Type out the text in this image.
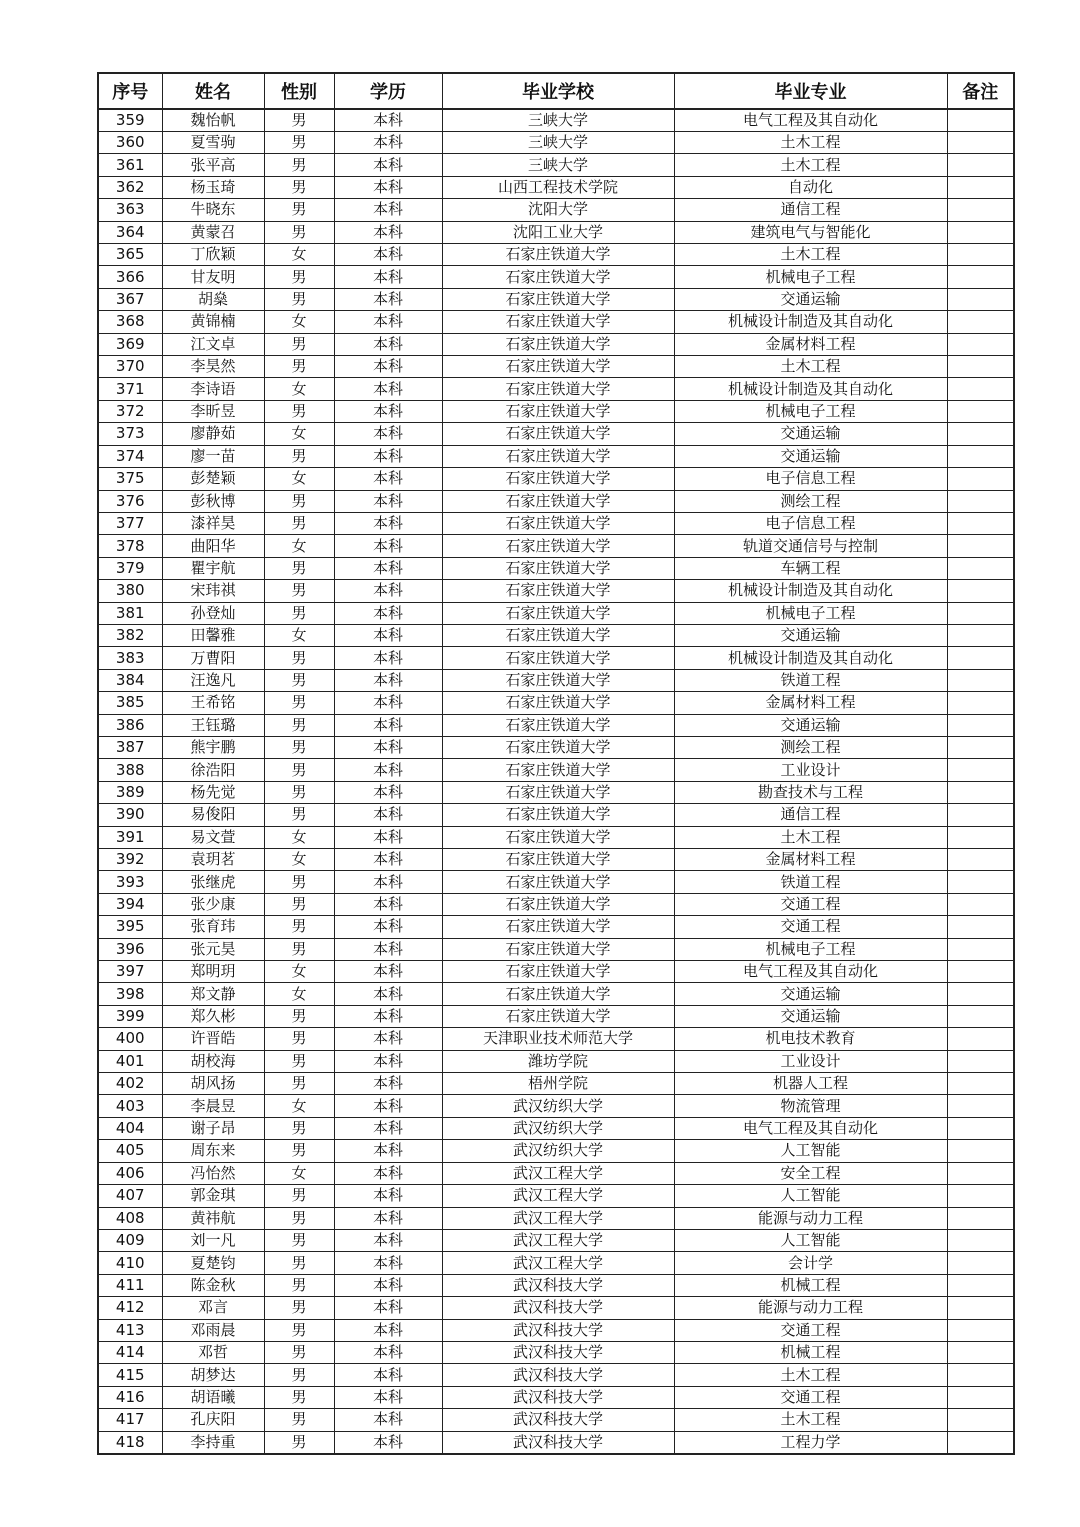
序号	姓名	性别	学历	毕业学校	毕业专业	备注
359	魏怡帆	男	本科	三峡大学	电气工程及其自动化	
360	夏雪驹	男	本科	三峡大学	土木工程	
361	张平高	男	本科	三峡大学	土木工程	
362	杨玉琦	男	本科	山西工程技术学院	自动化	
363	牛晓东	男	本科	沈阳大学	通信工程	
364	黄蒙召	男	本科	沈阳工业大学	建筑电气与智能化	
365	丁欣颖	女	本科	石家庄铁道大学	土木工程	
366	甘友明	男	本科	石家庄铁道大学	机械电子工程	
367	胡燊	男	本科	石家庄铁道大学	交通运输	
368	黄锦楠	女	本科	石家庄铁道大学	机械设计制造及其自动化	
369	江文卓	男	本科	石家庄铁道大学	金属材料工程	
370	李昊然	男	本科	石家庄铁道大学	土木工程	
371	李诗语	女	本科	石家庄铁道大学	机械设计制造及其自动化	
372	李昕昱	男	本科	石家庄铁道大学	机械电子工程	
373	廖静茹	女	本科	石家庄铁道大学	交通运输	
374	廖一苗	男	本科	石家庄铁道大学	交通运输	
375	彭楚颖	女	本科	石家庄铁道大学	电子信息工程	
376	彭秋博	男	本科	石家庄铁道大学	测绘工程	
377	漆祥昊	男	本科	石家庄铁道大学	电子信息工程	
378	曲阳华	女	本科	石家庄铁道大学	轨道交通信号与控制	
379	瞿宇航	男	本科	石家庄铁道大学	车辆工程	
380	宋玮祺	男	本科	石家庄铁道大学	机械设计制造及其自动化	
381	孙登灿	男	本科	石家庄铁道大学	机械电子工程	
382	田馨雅	女	本科	石家庄铁道大学	交通运输	
383	万曹阳	男	本科	石家庄铁道大学	机械设计制造及其自动化	
384	汪逸凡	男	本科	石家庄铁道大学	铁道工程	
385	王希铭	男	本科	石家庄铁道大学	金属材料工程	
386	王钰璐	男	本科	石家庄铁道大学	交通运输	
387	熊宇鹏	男	本科	石家庄铁道大学	测绘工程	
388	徐浩阳	男	本科	石家庄铁道大学	工业设计	
389	杨先觉	男	本科	石家庄铁道大学	勘查技术与工程	
390	易俊阳	男	本科	石家庄铁道大学	通信工程	
391	易文萱	女	本科	石家庄铁道大学	土木工程	
392	袁玥茗	女	本科	石家庄铁道大学	金属材料工程	
393	张继虎	男	本科	石家庄铁道大学	铁道工程	
394	张少康	男	本科	石家庄铁道大学	交通工程	
395	张育玮	男	本科	石家庄铁道大学	交通工程	
396	张元昊	男	本科	石家庄铁道大学	机械电子工程	
397	郑明玥	女	本科	石家庄铁道大学	电气工程及其自动化	
398	郑文静	女	本科	石家庄铁道大学	交通运输	
399	郑久彬	男	本科	石家庄铁道大学	交通运输	
400	许晋皓	男	本科	天津职业技术师范大学	机电技术教育	
401	胡校海	男	本科	潍坊学院	工业设计	
402	胡风扬	男	本科	梧州学院	机器人工程	
403	李晨昱	女	本科	武汉纺织大学	物流管理	
404	谢子昂	男	本科	武汉纺织大学	电气工程及其自动化	
405	周东来	男	本科	武汉纺织大学	人工智能	
406	冯怡然	女	本科	武汉工程大学	安全工程	
407	郭金琪	男	本科	武汉工程大学	人工智能	
408	黄祎航	男	本科	武汉工程大学	能源与动力工程	
409	刘一凡	男	本科	武汉工程大学	人工智能	
410	夏楚钧	男	本科	武汉工程大学	会计学	
411	陈金秋	男	本科	武汉科技大学	机械工程	
412	邓言	男	本科	武汉科技大学	能源与动力工程	
413	邓雨晨	男	本科	武汉科技大学	交通工程	
414	邓哲	男	本科	武汉科技大学	机械工程	
415	胡梦达	男	本科	武汉科技大学	土木工程	
416	胡语曦	男	本科	武汉科技大学	交通工程	
417	孔庆阳	男	本科	武汉科技大学	土木工程	
418	李持重	男	本科	武汉科技大学	工程力学	
